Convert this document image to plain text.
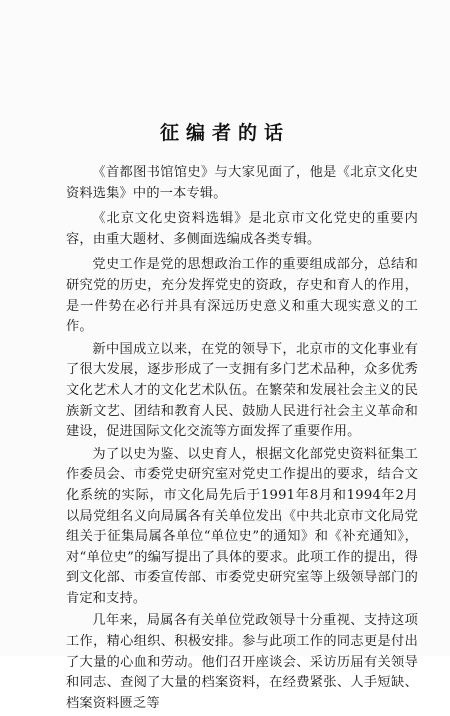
征编者的话

《首都图书馆馆史》与大家见面了，他是《北京文化史资料选集》中的一本专辑。

《北京文化史资料选辑》是北京市文化党史的重要内容，由重大题材、多侧面选编成各类专辑。

党史工作是党的思想政治工作的重要组成部分，总结和研究党的历史，充分发挥党史的资政，存史和育人的作用，是一件势在必行并具有深远历史意义和重大现实意义的工作。

新中国成立以来，在党的领导下，北京市的文化事业有了很大发展，逐步形成了一支拥有多门艺术品种，众多优秀文化艺术人才的文化艺术队伍。在繁荣和发展社会主义的民族新文艺、团结和教育人民、鼓励人民进行社会主义革命和建设，促进国际文化交流等方面发挥了重要作用。

为了以史为鉴、以史育人，根据文化部党史资料征集工作委员会、市委党史研究室对党史工作提出的要求，结合文化系统的实际，市文化局先后于1991年8月和1994年2月以局党组名义向局属各有关单位发出《中共北京市文化局党组关于征集局属各单位“单位史”的通知》和《补充通知》，对“单位史”的编写提出了具体的要求。此项工作的提出，得到文化部、市委宣传部、市委党史研究室等上级领导部门的肯定和支持。

几年来，局属各有关单位党政领导十分重视、支持这项工作，精心组织、积极安排。参与此项工作的同志更是付出了大量的心血和劳动。他们召开座谈会、采访历届有关领导和同志、查阅了大量的档案资料，在经费紧张、人手短缺、档案资料匮乏等
